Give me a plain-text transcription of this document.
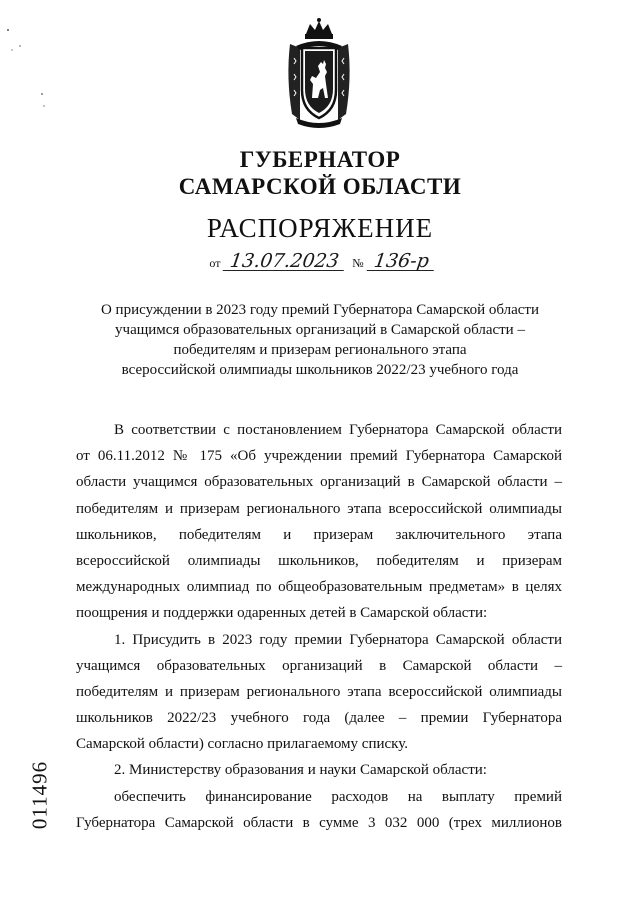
ГУБЕРНАТОР
САМАРСКОЙ ОБЛАСТИ
РАСПОРЯЖЕНИЕ
от 13.07.2023 № 136-р
О присуждении в 2023 году премий Губернатора Самарской области
учащимся образовательных организаций в Самарской области –
победителям и призерам регионального этапа
всероссийской олимпиады школьников 2022/23 учебного года
В соответствии с постановлением Губернатора Самарской области
от 06.11.2012 № 175 «Об учреждении премий Губернатора Самарской
области учащимся образовательных организаций в Самарской области –
победителям и призерам регионального этапа всероссийской олимпиады
школьников, победителям и призерам заключительного этапа
всероссийской олимпиады школьников, победителям и призерам
международных олимпиад по общеобразовательным предметам» в целях
поощрения и поддержки одаренных детей в Самарской области:
1. Присудить в 2023 году премии Губернатора Самарской области
учащимся образовательных организаций в Самарской области –
победителям и призерам регионального этапа всероссийской олимпиады
школьников 2022/23 учебного года (далее – премии Губернатора
Самарской области) согласно прилагаемому списку.
2. Министерству образования и науки Самарской области:
обеспечить финансирование расходов на выплату премий
Губернатора Самарской области в сумме 3 032 000 (трех миллионов
011496
